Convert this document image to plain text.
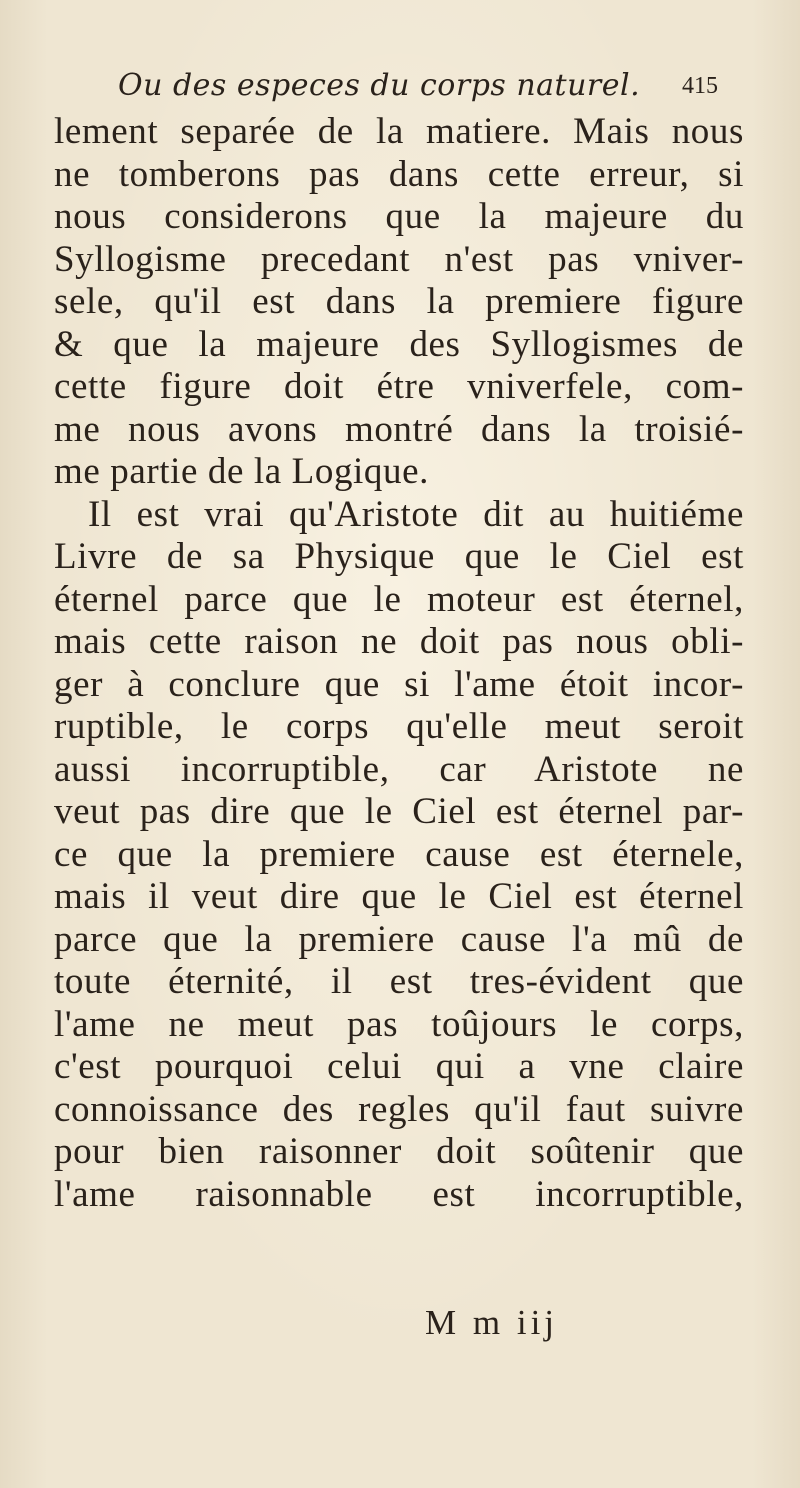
Ou des especes du corps naturel. 415
lement separée de la matiere. Mais nous
ne tomberons pas dans cette erreur, si
nous considerons que la majeure du
Syllogisme precedant n'est pas vniver-
sele, qu'il est dans la premiere figure
& que la majeure des Syllogismes de
cette figure doit étre vniverfele, com-
me nous avons montré dans la troisié-
me partie de la Logique.
Il est vrai qu'Aristote dit au huitiéme
Livre de sa Physique que le Ciel est
éternel parce que le moteur est éternel,
mais cette raison ne doit pas nous obli-
ger à conclure que si l'ame étoit incor-
ruptible, le corps qu'elle meut seroit
aussi incorruptible, car Aristote ne
veut pas dire que le Ciel est éternel par-
ce que la premiere cause est éternele,
mais il veut dire que le Ciel est éternel
parce que la premiere cause l'a mû de
toute éternité, il est tres-évident que
l'ame ne meut pas toûjours le corps,
c'est pourquoi celui qui a vne claire
connoissance des regles qu'il faut suivre
pour bien raisonner doit soûtenir que
l'ame raisonnable est incorruptible,
M m iij
